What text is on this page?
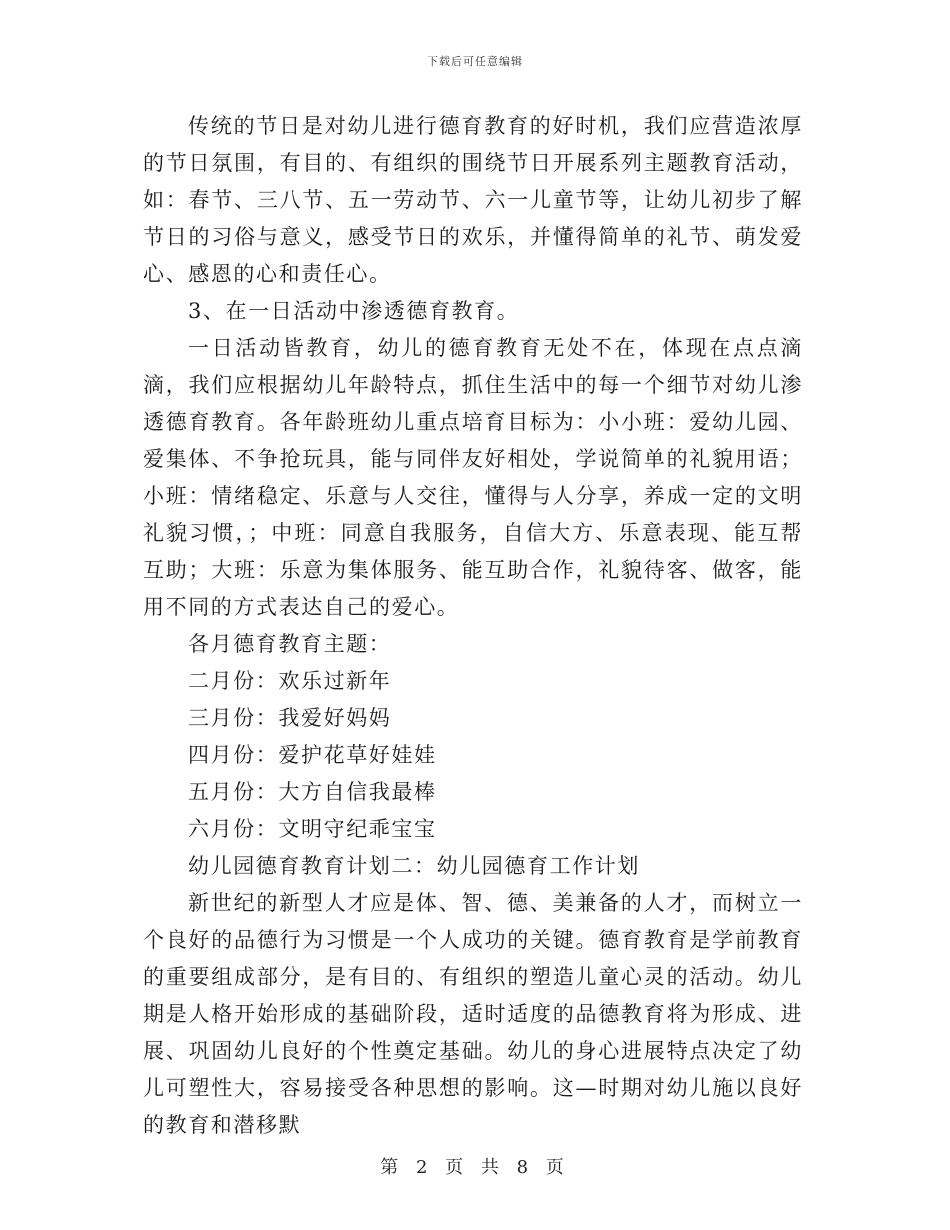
下载后可任意编辑

传统的节日是对幼儿进行德育教育的好时机，我们应营造浓厚的节日氛围，有目的、有组织的围绕节日开展系列主题教育活动，如：春节、三八节、五一劳动节、六一儿童节等，让幼儿初步了解节日的习俗与意义，感受节日的欢乐，并懂得简单的礼节、萌发爱心、感恩的心和责任心。

3、在一日活动中渗透德育教育。

一日活动皆教育，幼儿的德育教育无处不在，体现在点点滴滴，我们应根据幼儿年龄特点，抓住生活中的每一个细节对幼儿渗透德育教育。各年龄班幼儿重点培育目标为：小小班：爱幼儿园、爱集体、不争抢玩具，能与同伴友好相处，学说简单的礼貌用语；小班：情绪稳定、乐意与人交往，懂得与人分享，养成一定的文明礼貌习惯，；中班：同意自我服务，自信大方、乐意表现、能互帮互助；大班：乐意为集体服务、能互助合作，礼貌待客、做客，能用不同的方式表达自己的爱心。

各月德育教育主题：

二月份：欢乐过新年

三月份：我爱好妈妈

四月份：爱护花草好娃娃

五月份：大方自信我最棒

六月份：文明守纪乖宝宝

幼儿园德育教育计划二：幼儿园德育工作计划

新世纪的新型人才应是体、智、德、美兼备的人才，而树立一个良好的品德行为习惯是一个人成功的关键。德育教育是学前教育的重要组成部分，是有目的、有组织的塑造儿童心灵的活动。幼儿期是人格开始形成的基础阶段，适时适度的品德教育将为形成、进展、巩固幼儿良好的个性奠定基础。幼儿的身心进展特点决定了幼儿可塑性大，容易接受各种思想的影响。这—时期对幼儿施以良好的教育和潜移默

第 2 页 共 8 页
